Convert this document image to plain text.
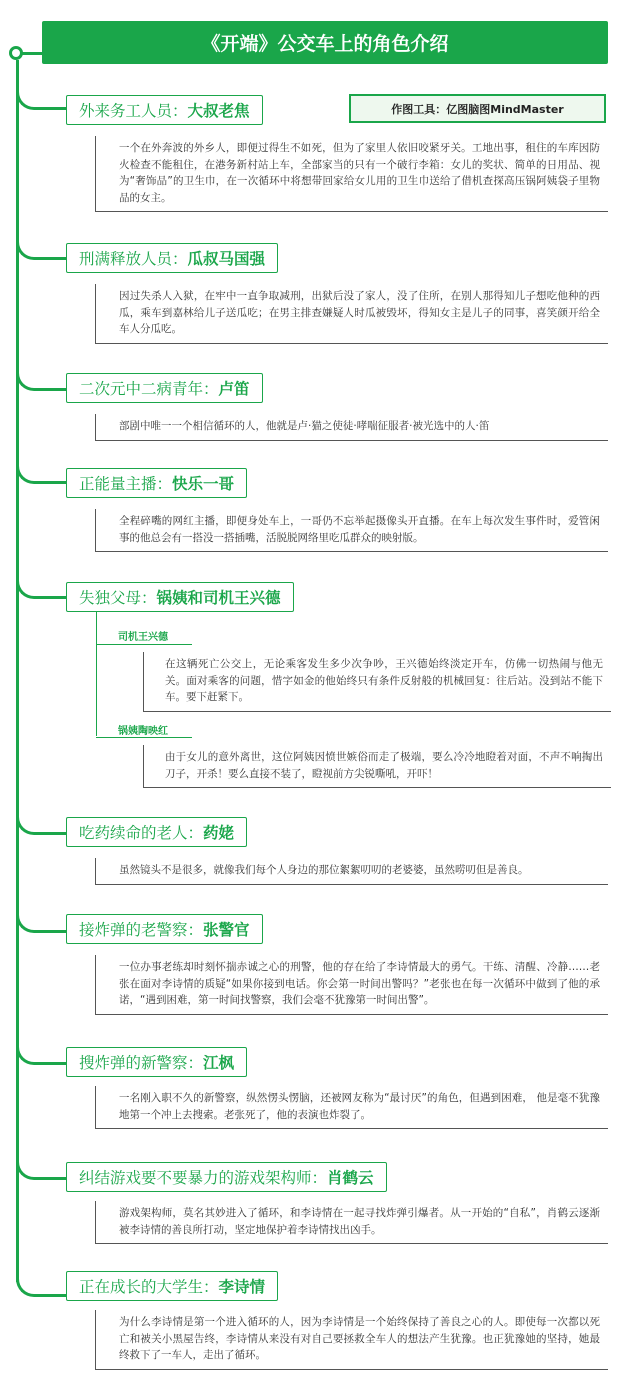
《开端》公交车上的角色介绍
作图工具：亿图脑图MindMaster
外来务工人员： 大叔老焦
一个在外奔波的外乡人，即便过得生不如死，但为了家里人依旧咬紧牙关。工地出事，租住的车库因防火检查不能租住，在港务新村站上车，全部家当的只有一个破行李箱：女儿的奖状、简单的日用品、视为“奢饰品”的卫生巾，在一次循环中将想带回家给女儿用的卫生巾送给了借机查探高压锅阿姨袋子里物品的女主。
刑满释放人员： 瓜叔马国强
因过失杀人入狱，在牢中一直争取减刑，出狱后没了家人，没了住所，在别人那得知儿子想吃他种的西瓜，乘车到嘉林给儿子送瓜吃；在男主排查嫌疑人时瓜被毁坏，得知女主是儿子的同事，喜笑颜开给全车人分瓜吃。
二次元中二病青年： 卢笛
部剧中唯一一个相信循环的人，他就是卢·猫之使徒·哮喘征服者·被光选中的人·笛
正能量主播： 快乐一哥
全程碎嘴的网红主播，即便身处车上，一哥仍不忘举起摄像头开直播。在车上每次发生事件时，爱管闲事的他总会有一搭没一搭插嘴，活脱脱网络里吃瓜群众的映射版。
失独父母： 锅姨和司机王兴德
司机王兴德
在这辆死亡公交上，无论乘客发生多少次争吵，王兴德始终淡定开车，仿佛一切热闹与他无关。面对乘客的问题，惜字如金的他始终只有条件反射般的机械回复：往后站。没到站不能下车。要下赶紧下。
锅姨陶映红
由于女儿的意外离世，这位阿姨因愤世嫉俗而走了极端，要么冷冷地瞪着对面，不声不响掏出刀子，开杀！要么直接不装了，瞪视前方尖锐嘶吼，开吓！
吃药续命的老人： 药姥
虽然镜头不是很多，就像我们每个人身边的那位絮絮叨叨的老婆婆，虽然唠叨但是善良。
接炸弹的老警察： 张警官
一位办事老练却时刻怀揣赤诚之心的刑警，他的存在给了李诗情最大的勇气。干练、清醒、冷静……老张在面对李诗情的质疑“如果你接到电话。你会第一时间出警吗？”老张也在每一次循环中做到了他的承诺，“遇到困难，第一时间找警察，我们会毫不犹豫第一时间出警”。
搜炸弹的新警察： 江枫
一名刚入职不久的新警察，纵然愣头愣脑，还被网友称为“最讨厌”的角色，但遇到困难， 他是毫不犹豫地第一个冲上去搜索。老张死了，他的表演也炸裂了。
纠结游戏要不要暴力的游戏架构师： 肖鹤云
游戏架构师，莫名其妙进入了循环，和李诗情在一起寻找炸弹引爆者。从一开始的“自私”，肖鹤云逐渐被李诗情的善良所打动，坚定地保护着李诗情找出凶手。
正在成长的大学生： 李诗情
为什么李诗情是第一个进入循环的人，因为李诗情是一个始终保持了善良之心的人。即使每一次都以死亡和被关小黑屋告终，李诗情从来没有对自己要拯救全车人的想法产生犹豫。也正犹豫她的坚持，她最终救下了一车人，走出了循环。
